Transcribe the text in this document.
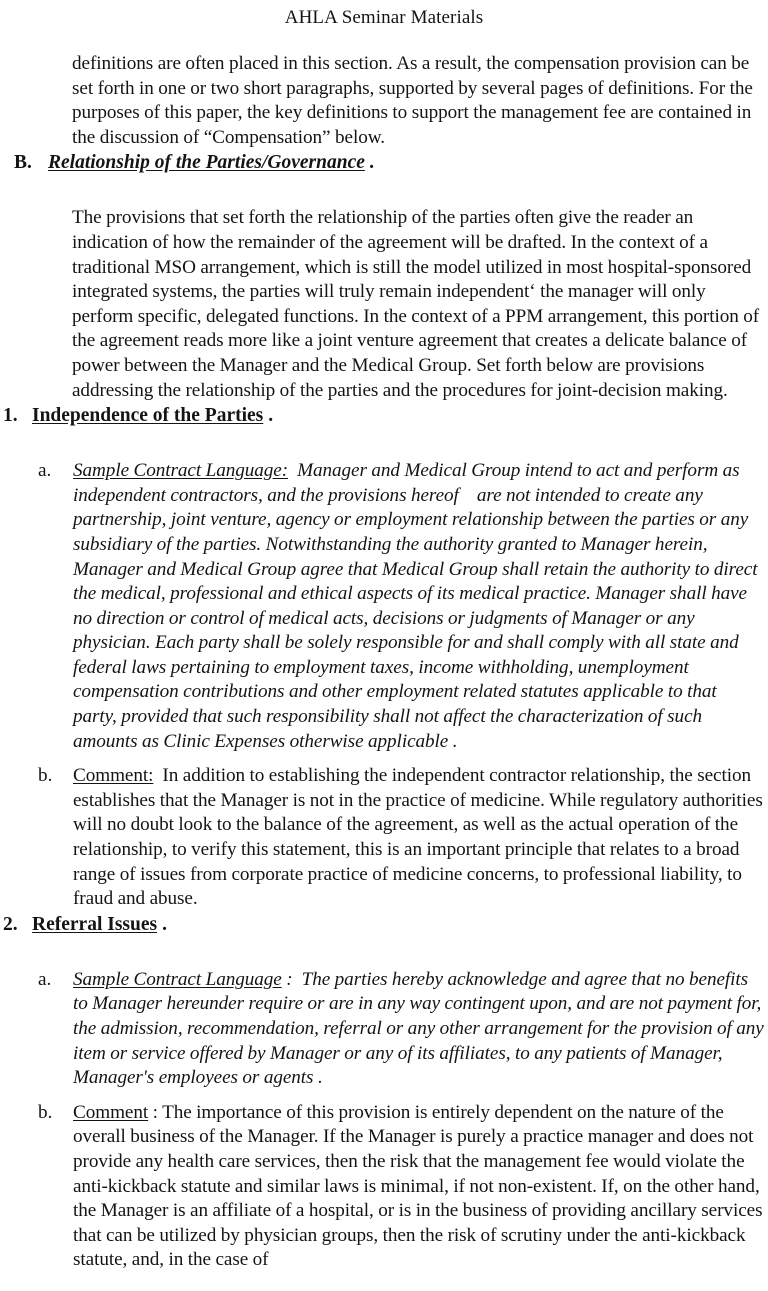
AHLA Seminar Materials

definitions are often placed in this section. As a result, the compensation provision can be set forth in one or two short paragraphs, supported by several pages of definitions. For the purposes of this paper, the key definitions to support the management fee are contained in the discussion of “Compensation” below.

B. Relationship of the Parties/Governance .

The provisions that set forth the relationship of the parties often give the reader an indication of how the remainder of the agreement will be drafted. In the context of a traditional MSO arrangement, which is still the model utilized in most hospital-sponsored integrated systems, the parties will truly remain independent‘ the manager will only perform specific, delegated functions. In the context of a PPM arrangement, this portion of the agreement reads more like a joint venture agreement that creates a delicate balance of power between the Manager and the Medical Group. Set forth below are provisions addressing the relationship of the parties and the procedures for joint-decision making.

1. Independence of the Parties .
a.	Sample Contract Language: Manager and Medical Group intend to act and perform as independent contractors, and the provisions hereof are not intended to create any partnership, joint venture, agency or employment relationship between the parties or any subsidiary of the parties. Notwithstanding the authority granted to Manager herein, Manager and Medical Group agree that Medical Group shall retain the authority to direct the medical, professional and ethical aspects of its medical practice. Manager shall have no direction or control of medical acts, decisions or judgments of Manager or any physician. Each party shall be solely responsible for and shall comply with all state and federal laws pertaining to employment taxes, income withholding, unemployment compensation contributions and other employment related statutes applicable to that party, provided that such responsibility shall not affect the characterization of such amounts as Clinic Expenses otherwise applicable .
b.	Comment: In addition to establishing the independent contractor relationship, the section establishes that the Manager is not in the practice of medicine. While regulatory authorities will no doubt look to the balance of the agreement, as well as the actual operation of the relationship, to verify this statement, this is an important principle that relates to a broad range of issues from corporate practice of medicine concerns, to professional liability, to fraud and abuse.
2. Referral Issues .
a.	Sample Contract Language : The parties hereby acknowledge and agree that no benefits to Manager hereunder require or are in any way contingent upon, and are not payment for, the admission, recommendation, referral or any other arrangement for the provision of any item or service offered by Manager or any of its affiliates, to any patients of Manager, Manager's employees or agents .
b.	Comment : The importance of this provision is entirely dependent on the nature of the overall business of the Manager. If the Manager is purely a practice manager and does not provide any health care services, then the risk that the management fee would violate the anti-kickback statute and similar laws is minimal, if not non-existent. If, on the other hand, the Manager is an affiliate of a hospital, or is in the business of providing ancillary services that can be utilized by physician groups, then the risk of scrutiny under the anti-kickback statute, and, in the case of
